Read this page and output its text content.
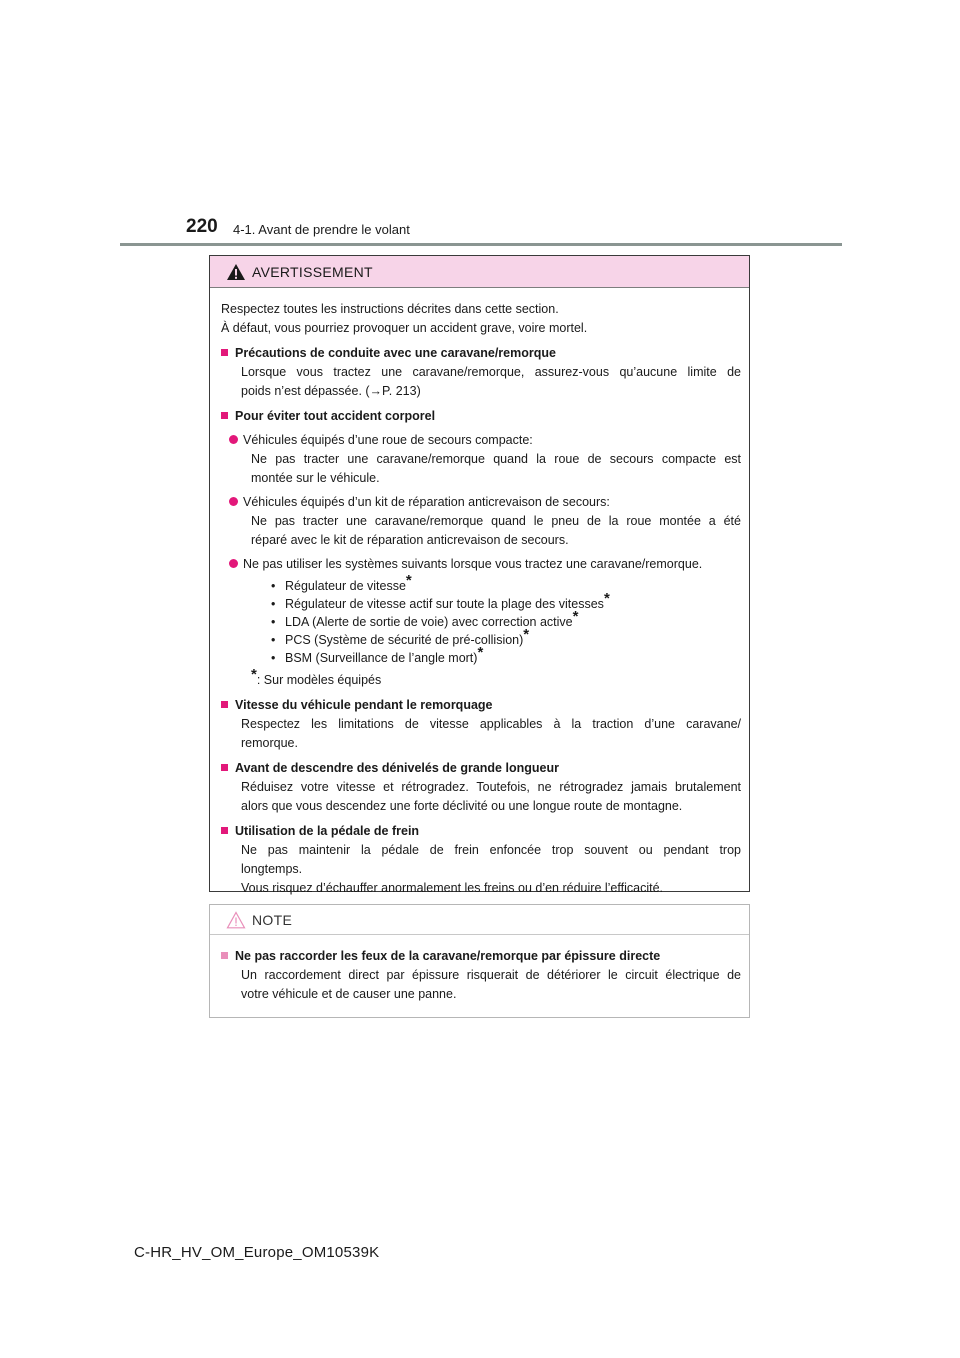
220 4-1. Avant de prendre le volant
AVERTISSEMENT
Respectez toutes les instructions décrites dans cette section.
À défaut, vous pourriez provoquer un accident grave, voire mortel.
Précautions de conduite avec une caravane/remorque
Lorsque vous tractez une caravane/remorque, assurez-vous qu’aucune limite de
poids n’est dépassée. (→P. 213)
Pour éviter tout accident corporel
Véhicules équipés d’une roue de secours compacte:
Ne pas tracter une caravane/remorque quand la roue de secours compacte est
montée sur le véhicule.
Véhicules équipés d’un kit de réparation anticrevaison de secours:
Ne pas tracter une caravane/remorque quand le pneu de la roue montée a été
réparé avec le kit de réparation anticrevaison de secours.
Ne pas utiliser les systèmes suivants lorsque vous tractez une caravane/remorque.
• Régulateur de vitesse*
• Régulateur de vitesse actif sur toute la plage des vitesses*
• LDA (Alerte de sortie de voie) avec correction active*
• PCS (Système de sécurité de pré-collision)*
• BSM (Surveillance de l’angle mort)*
*: Sur modèles équipés
Vitesse du véhicule pendant le remorquage
Respectez les limitations de vitesse applicables à la traction d’une caravane/
remorque.
Avant de descendre des dénivelés de grande longueur
Réduisez votre vitesse et rétrogradez. Toutefois, ne rétrogradez jamais brutalement
alors que vous descendez une forte déclivité ou une longue route de montagne.
Utilisation de la pédale de frein
Ne pas maintenir la pédale de frein enfoncée trop souvent ou pendant trop
longtemps.
Vous risquez d’échauffer anormalement les freins ou d’en réduire l’efficacité.
NOTE
Ne pas raccorder les feux de la caravane/remorque par épissure directe
Un raccordement direct par épissure risquerait de détériorer le circuit électrique de
votre véhicule et de causer une panne.
C-HR_HV_OM_Europe_OM10539K
